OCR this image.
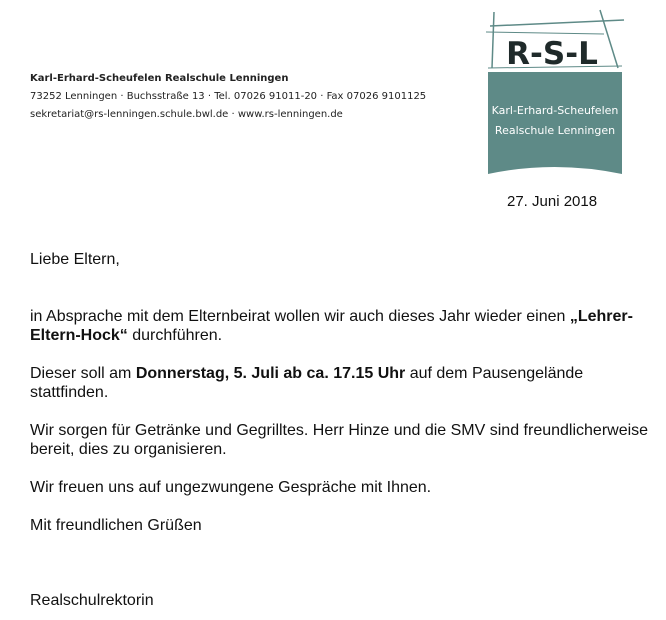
Karl-Erhard-Scheufelen Realschule Lenningen
73252 Lenningen · Buchsstraße 13 · Tel. 07026 91011-20 · Fax 07026 9101125
sekretariat@rs-lenningen.schule.bwl.de · www.rs-lenningen.de
R-S-L
Karl-Erhard-Scheufelen
Realschule Lenningen
27. Juni 2018

Liebe Eltern,

in Absprache mit dem Elternbeirat wollen wir auch dieses Jahr wieder einen „Lehrer-Eltern-Hock“ durchführen.

Dieser soll am Donnerstag, 5. Juli ab ca. 17.15 Uhr auf dem Pausengelände stattfinden.

Wir sorgen für Getränke und Gegrilltes. Herr Hinze und die SMV sind freundlicherweise bereit, dies zu organisieren.

Wir freuen uns auf ungezwungene Gespräche mit Ihnen.

Mit freundlichen Grüßen

Realschulrektorin
